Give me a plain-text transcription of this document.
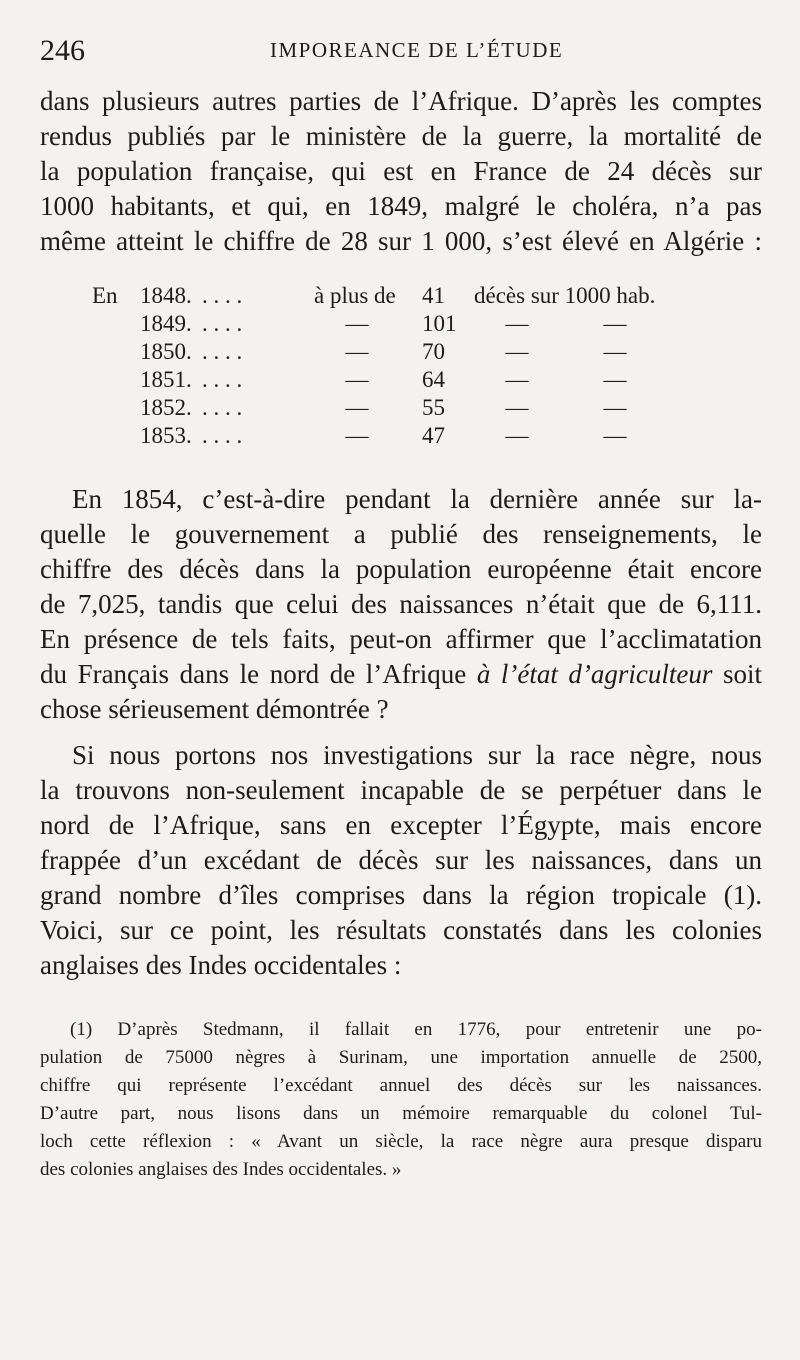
246	IMPOREANCE DE L’ÉTUDE
dans plusieurs autres parties de l’Afrique. D’après les comptes
rendus publiés par le ministère de la guerre, la mortalité de
la population française, qui est en France de 24 décès sur
1000 habitants, et qui, en 1849, malgré le choléra, n’a pas
même atteint le chiffre de 28 sur 1 000, s’est élevé en Algérie :
En 1848. . . . .	à plus de 41 décès sur 1000 hab.
1849. . . . .	— 101 —	—
1850. . . . .	— 70	—	—
1851. . . . .	— 64	—	—
1852. . . . .	— 55	—	—
1853. . . . .	— 47	—	—
En 1854, c’est-à-dire pendant la dernière année sur la-
quelle le gouvernement a publié des renseignements, le
chiffre des décès dans la population européenne était encore
de 7,025, tandis que celui des naissances n’était que de 6,111.
En présence de tels faits, peut-on affirmer que l’acclimatation
du Français dans le nord de l’Afrique à l’état d’agriculteur soit
chose sérieusement démontrée ?
Si nous portons nos investigations sur la race nègre, nous
la trouvons non-seulement incapable de se perpétuer dans le
nord de l’Afrique, sans en excepter l’Égypte, mais encore
frappée d’un excédant de décès sur les naissances, dans un
grand nombre d’îles comprises dans la région tropicale (1).
Voici, sur ce point, les résultats constatés dans les colonies
anglaises des Indes occidentales :
(1) D’après Stedmann, il fallait en 1776, pour entretenir une po-
pulation de 75000 nègres à Surinam, une importation annuelle de 2500,
chiffre qui représente l’excédant annuel des décès sur les naissances.
D’autre part, nous lisons dans un mémoire remarquable du colonel Tul-
loch cette réflexion : « Avant un siècle, la race nègre aura presque disparu
des colonies anglaises des Indes occidentales. »
